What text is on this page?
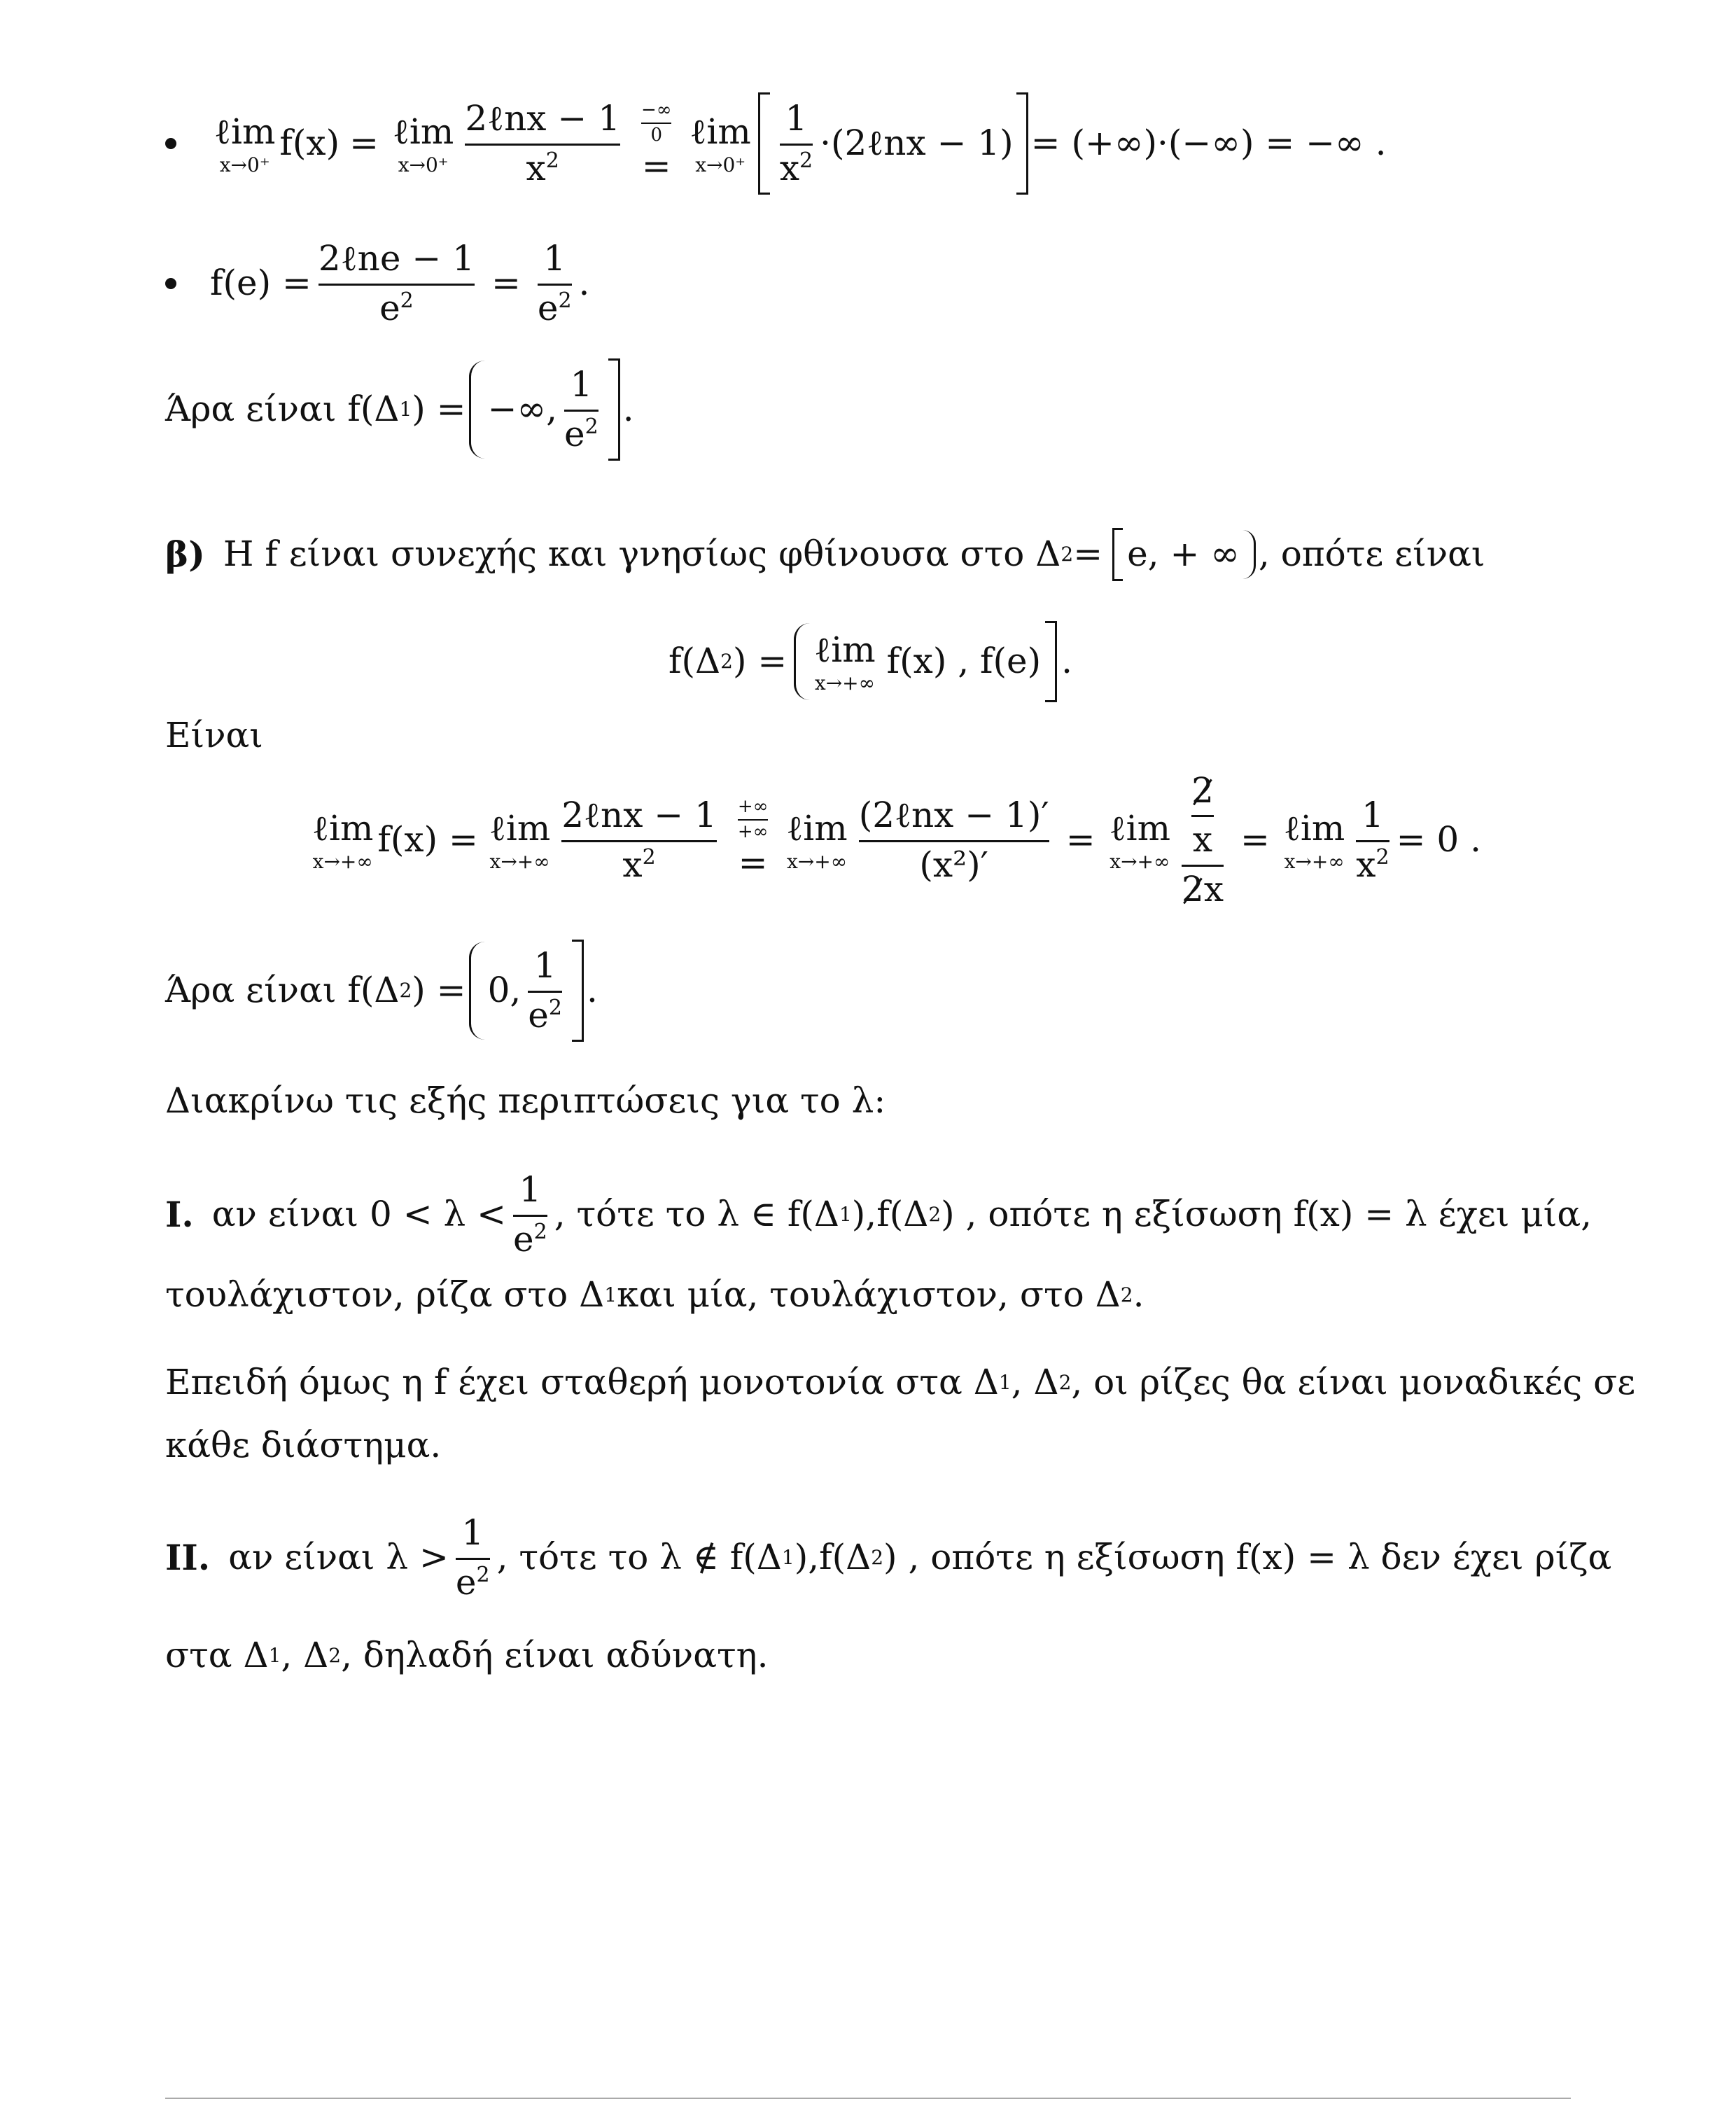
ℓim
x→0⁺
f(x) = ℓim
$x\to 0^+ \frac{\text{2ℓnx − 1}}{x^2} \frac{-\infty}{0}$
=
ℓim
$x\to 0^+ \frac{1}{x^2}$ ·(2ℓnx − 1) = (+∞)·(−∞) = −∞ .
$f(e) = \frac{\text{2ℓne − 1}}{e^2} = \frac{1}{e^2}$ .
Άρα είναι f(Δ 1 ) = −∞, $\frac{1}{e^2}$ .
β) Η f είναι συνεχής και γνησίως φθίνουσα στο Δ 2 = e, + ∞ , οπότε είναι
f(Δ 2 ) = ℓim
x→+∞
f(x) , f(e) .
Είναι
ℓim
x→+∞
f(x) = ℓim
$x\to+\infty \frac{\text{2ℓnx − 1}}{x^2} \frac{+\infty}{+\infty}$
=
ℓim
$x\to+\infty \frac{\text{(2ℓnx − 1)′}}{\text{(x²)′}}$ = ℓim
$x\to+\infty \frac{\frac{2}{x}}{2x}$ = ℓim
$x\to+\infty \frac{1}{x^2} = 0$ .
Άρα είναι f(Δ 2 ) = 0, $\frac{1}{e^2}$ .
Διακρίνω τις εξής περιπτώσεις για το λ:
I. αν είναι $0 < \lambda < \frac{1}{e^2}$ , τότε το λ ∈ f(Δ 1 ),f(Δ 2 ) , οπότε η εξίσωση f(x) = λ έχει μία,
τουλάχιστον, ρίζα στο Δ 1 και μία, τουλάχιστον, στο Δ 2 .
Επειδή όμως η f έχει σταθερή μονοτονία στα Δ 1 , Δ 2 , οι ρίζες θα είναι μοναδικές σε
κάθε διάστημα.
II. αν είναι $\lambda > \frac{1}{e^2}$ , τότε το λ ∉ f(Δ 1 ),f(Δ 2 ) , οπότε η εξίσωση f(x) = λ δεν έχει ρίζα
στα Δ 1 , Δ 2 , δηλαδή είναι αδύνατη.
